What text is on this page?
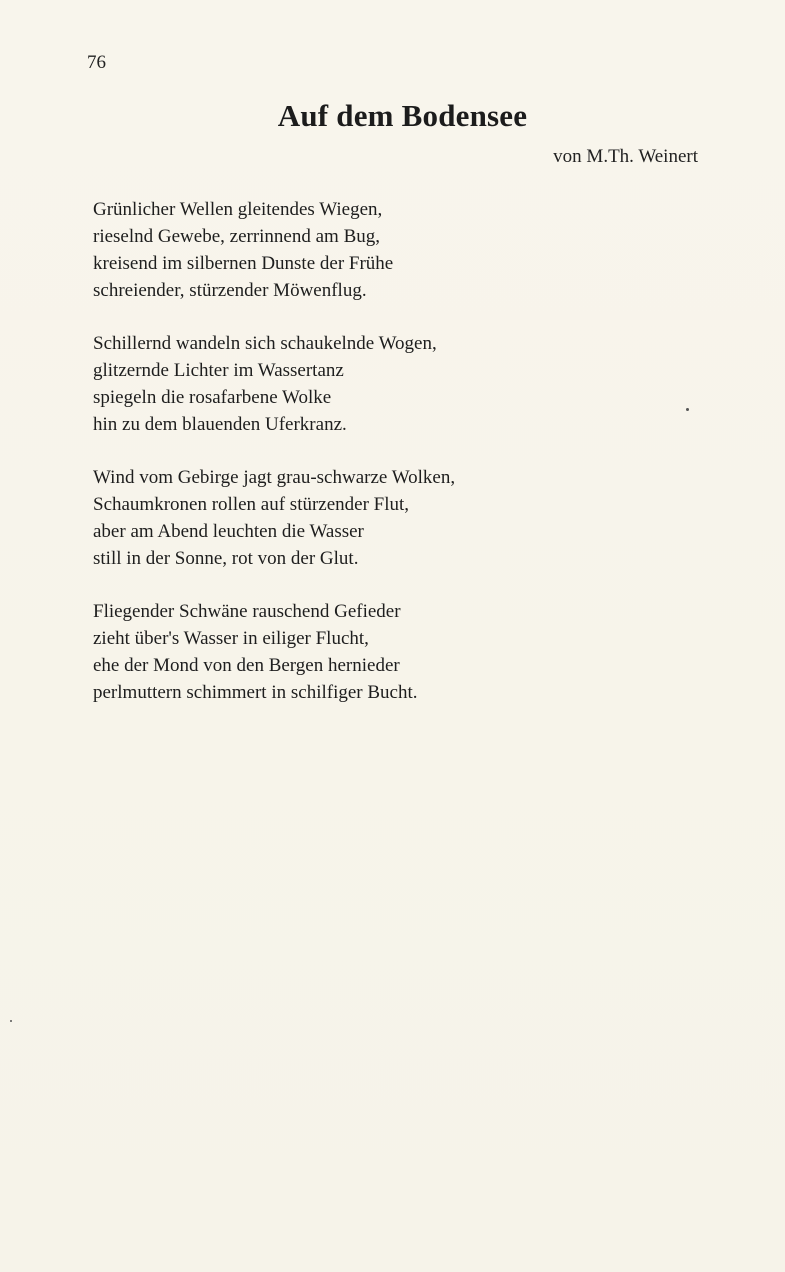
76
Auf dem Bodensee
von M.Th. Weinert
Grünlicher Wellen gleitendes Wiegen,
rieselnd Gewebe, zerrinnend am Bug,
kreisend im silbernen Dunste der Frühe
schreiender, stürzender Möwenflug.
Schillernd wandeln sich schaukelnde Wogen,
glitzernde Lichter im Wassertanz
spiegeln die rosafarbene Wolke
hin zu dem blauenden Uferkranz.
Wind vom Gebirge jagt grau-schwarze Wolken,
Schaumkronen rollen auf stürzender Flut,
aber am Abend leuchten die Wasser
still in der Sonne, rot von der Glut.
Fliegender Schwäne rauschend Gefieder
zieht über's Wasser in eiliger Flucht,
ehe der Mond von den Bergen hernieder
perlmuttern schimmert in schilfiger Bucht.
